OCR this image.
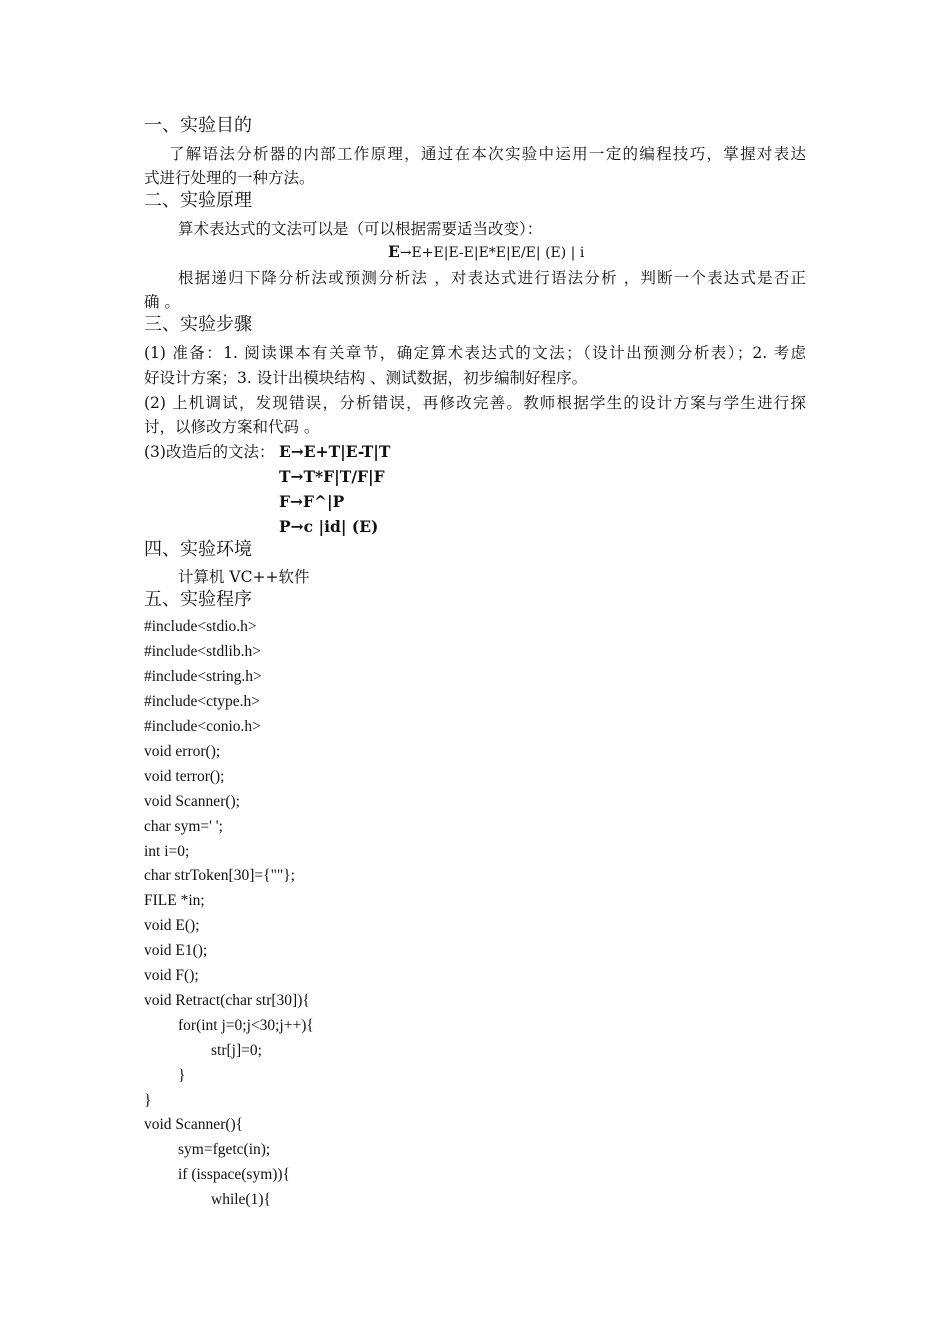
一、实验目的
了解语法分析器的内部工作原理，通过在本次实验中运用一定的编程技巧，掌握对表达
式进行处理的一种方法。
二、实验原理
算术表达式的文法可以是（可以根据需要适当改变）：
E→E+E|E-E|E*E|E/E| (E) | i
根据递归下降分析法或预测分析法 ，对表达式进行语法分析 ，判断一个表达式是否正
确 。
三、实验步骤
(1) 准备：1. 阅读课本有关章节，确定算术表达式的文法；（设计出预测分析表）；2. 考虑
好设计方案；3. 设计出模块结构 、测试数据，初步编制好程序。
(2) 上机调试，发现错误，分析错误，再修改完善。教师根据学生的设计方案与学生进行探
讨，以修改方案和代码 。
(3)改造后的文法： E→E+T|E-T|T
T→T*F|T/F|F
F→F^|P
P→c |id| (E)
四、实验环境
计算机 VC++软件
五、实验程序
#include<stdio.h>
#include<stdlib.h>
#include<string.h>
#include<ctype.h>
#include<conio.h>
void error();
void terror();
void Scanner();
char sym=' ';
int i=0;
char strToken[30]={""};
FILE *in;
void E();
void E1();
void F();
void Retract(char str[30]){
for(int j=0;j<30;j++){
str[j]=0;
}
}
void Scanner(){
sym=fgetc(in);
if (isspace(sym)){
while(1){
